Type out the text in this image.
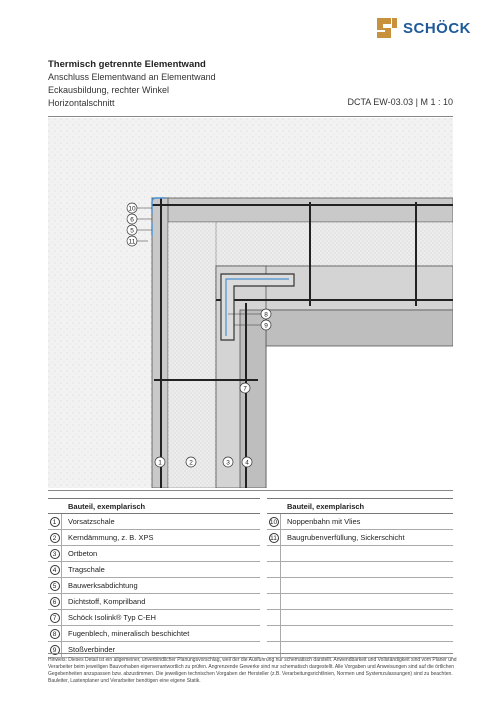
SCHÖCK
Thermisch getrennte Elementwand
Anschluss Elementwand an Elementwand
Eckausbildung, rechter Winkel
Horizontalschnitt	DCTA EW-03.03 | M 1 : 10
10
6
5
11
8
9
7
1	2	3 4
Bauteil, exemplarisch
1	Vorsatzschale
2	Kerndämmung, z. B. XPS
3	Ortbeton
4	Tragschale
5	Bauwerksabdichtung
6	Dichtstoff, Komprilband
7	Schöck Isolink® Typ C-EH
8	Fugenblech, mineralisch beschichtet
9	Stoßverbinder
Bauteil, exemplarisch
10	Noppenbahn mit Vlies
11	Baugrubenverfüllung, Sickerschicht
Hinweis: Dieses Detail ist ein allgemeiner, unverbindlicher Planungsvorschlag, weil der die Ausführung nur schematisch darstellt. Anwendbarkeit und Vollständigkeit sind vom Planer und Verarbeiter beim jeweiligen Bauvorhaben eigenverantwortlich zu prüfen. Angrenzende Gewerke sind nur schematisch dargestellt. Alle Vorgaben und Anweisungen sind auf die örtlichen Gegebenheiten anzupassen bzw. abzustimmen. Die jeweiligen technischen Vorgaben der Hersteller (z.B. Verarbeitungsrichtlinien, Normen und Systemzulassungen) sind zu beachten. Bauleiter, Lastenplaner und Verarbeiter benötigen eine eigene Statik.
